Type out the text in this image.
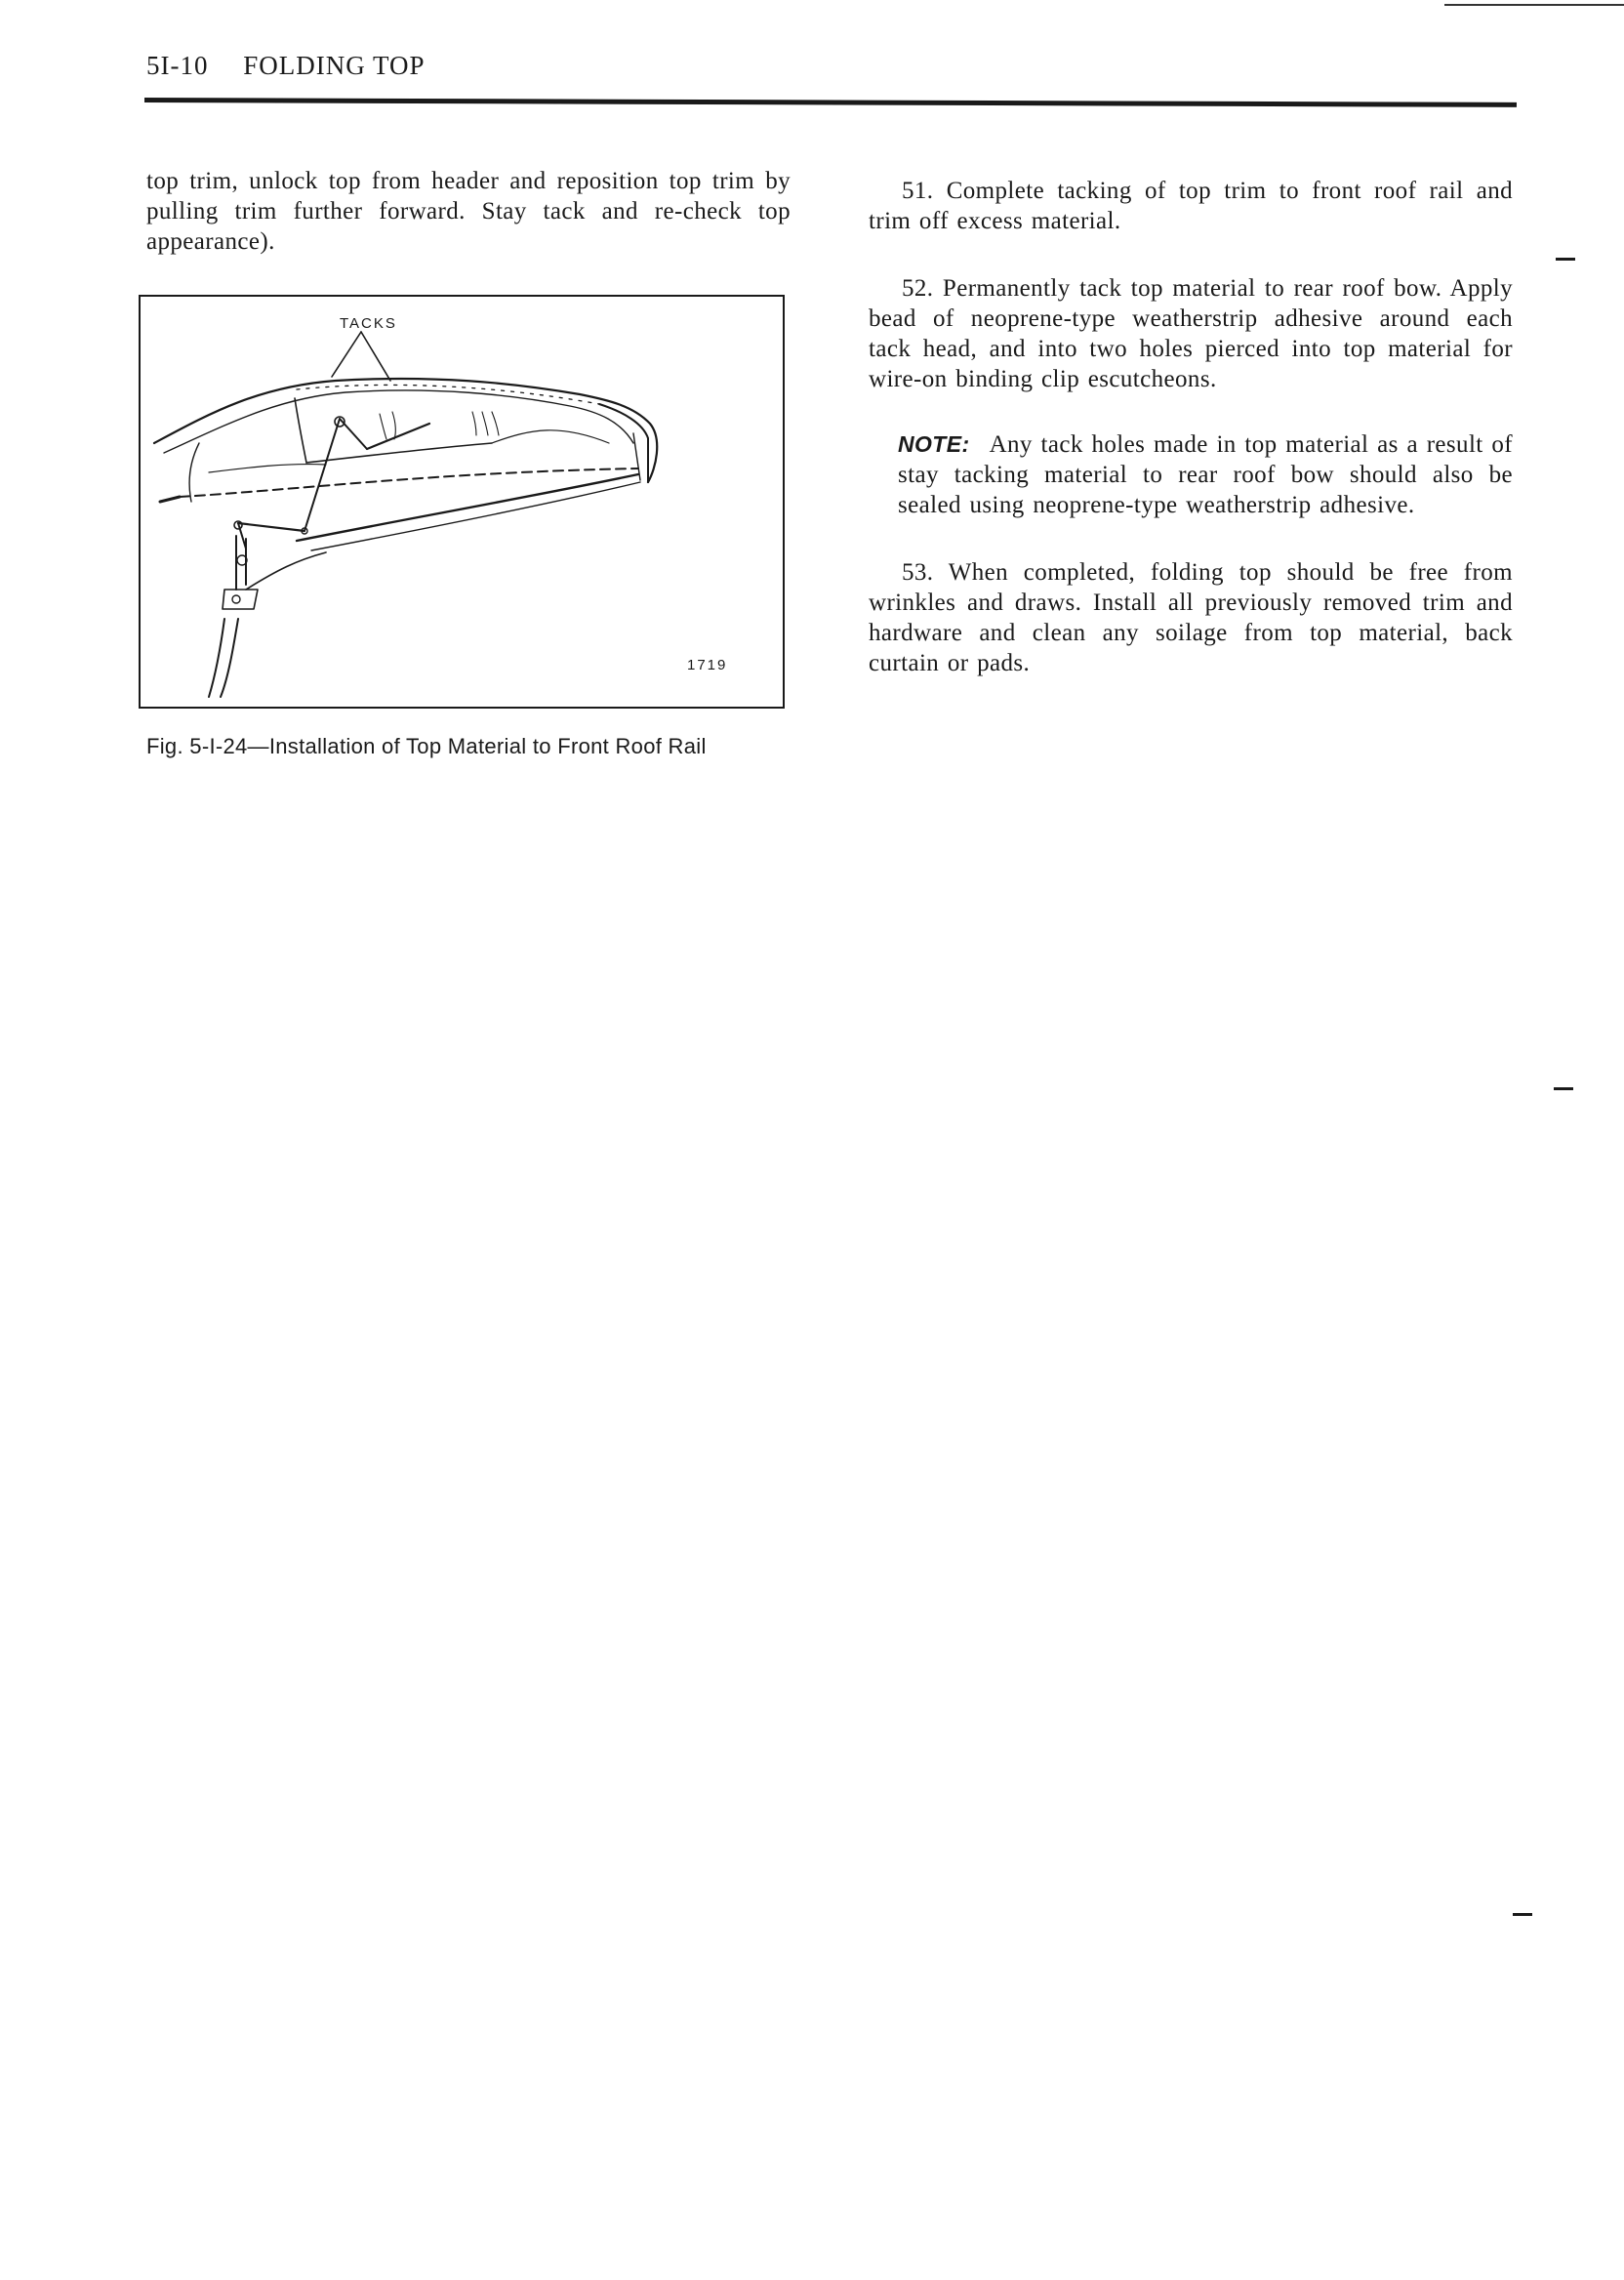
5I-10 FOLDING TOP

top trim, unlock top from header and reposition top trim by pulling trim further forward. Stay tack and re-check top appearance).

TACKS
1719
Fig. 5-I-24—Installation of Top Material to Front Roof Rail

51. Complete tacking of top trim to front roof rail and trim off excess material.

52. Permanently tack top material to rear roof bow. Apply bead of neoprene-type weatherstrip adhesive around each tack head, and into two holes pierced into top material for wire-on binding clip escutcheons.

NOTE: Any tack holes made in top material as a result of stay tacking material to rear roof bow should also be sealed using neoprene-type weatherstrip adhesive.

53. When completed, folding top should be free from wrinkles and draws. Install all previously removed trim and hardware and clean any soilage from top material, back curtain or pads.
